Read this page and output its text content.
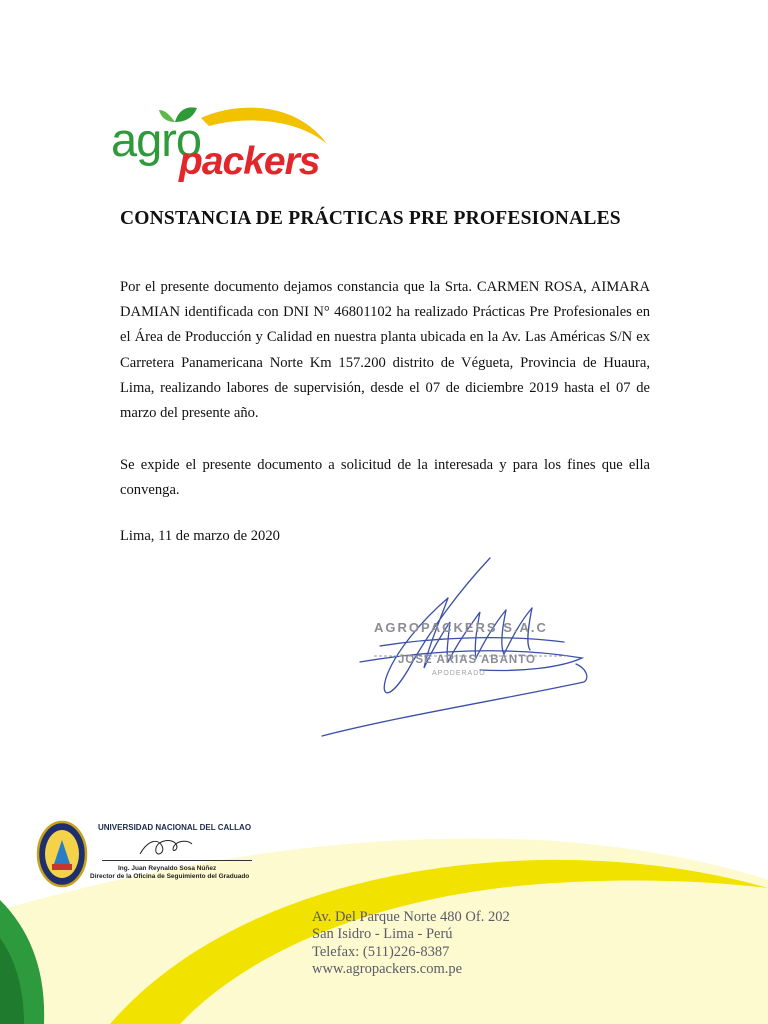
agro
packers
CONSTANCIA DE PRÁCTICAS PRE PROFESIONALES

Por el presente documento dejamos constancia que la Srta. CARMEN ROSA, AIMARA DAMIAN identificada con DNI N° 46801102 ha realizado Prácticas Pre Profesionales en el Área de Producción y Calidad en nuestra planta ubicada en la Av. Las Américas S/N ex Carretera Panamericana Norte Km 157.200 distrito de Végueta, Provincia de Huaura, Lima, realizando labores de supervisión, desde el 07 de diciembre 2019 hasta el 07 de marzo del presente año.

Se expide el presente documento a solicitud de la interesada y para los fines que ella convenga.

Lima, 11 de marzo de 2020
AGROPACKERS S.A.C
JOSE ARIAS ABANTO
APODERADO
UNIVERSIDAD NACIONAL DEL CALLAO
Ing. Juan Reynaldo Sosa Núñez
Director de la Oficina de Seguimiento del Graduado
Av. Del Parque Norte 480 Of. 202
San Isidro - Lima - Perú
Telefax: (511)226-8387
www.agropackers.com.pe
